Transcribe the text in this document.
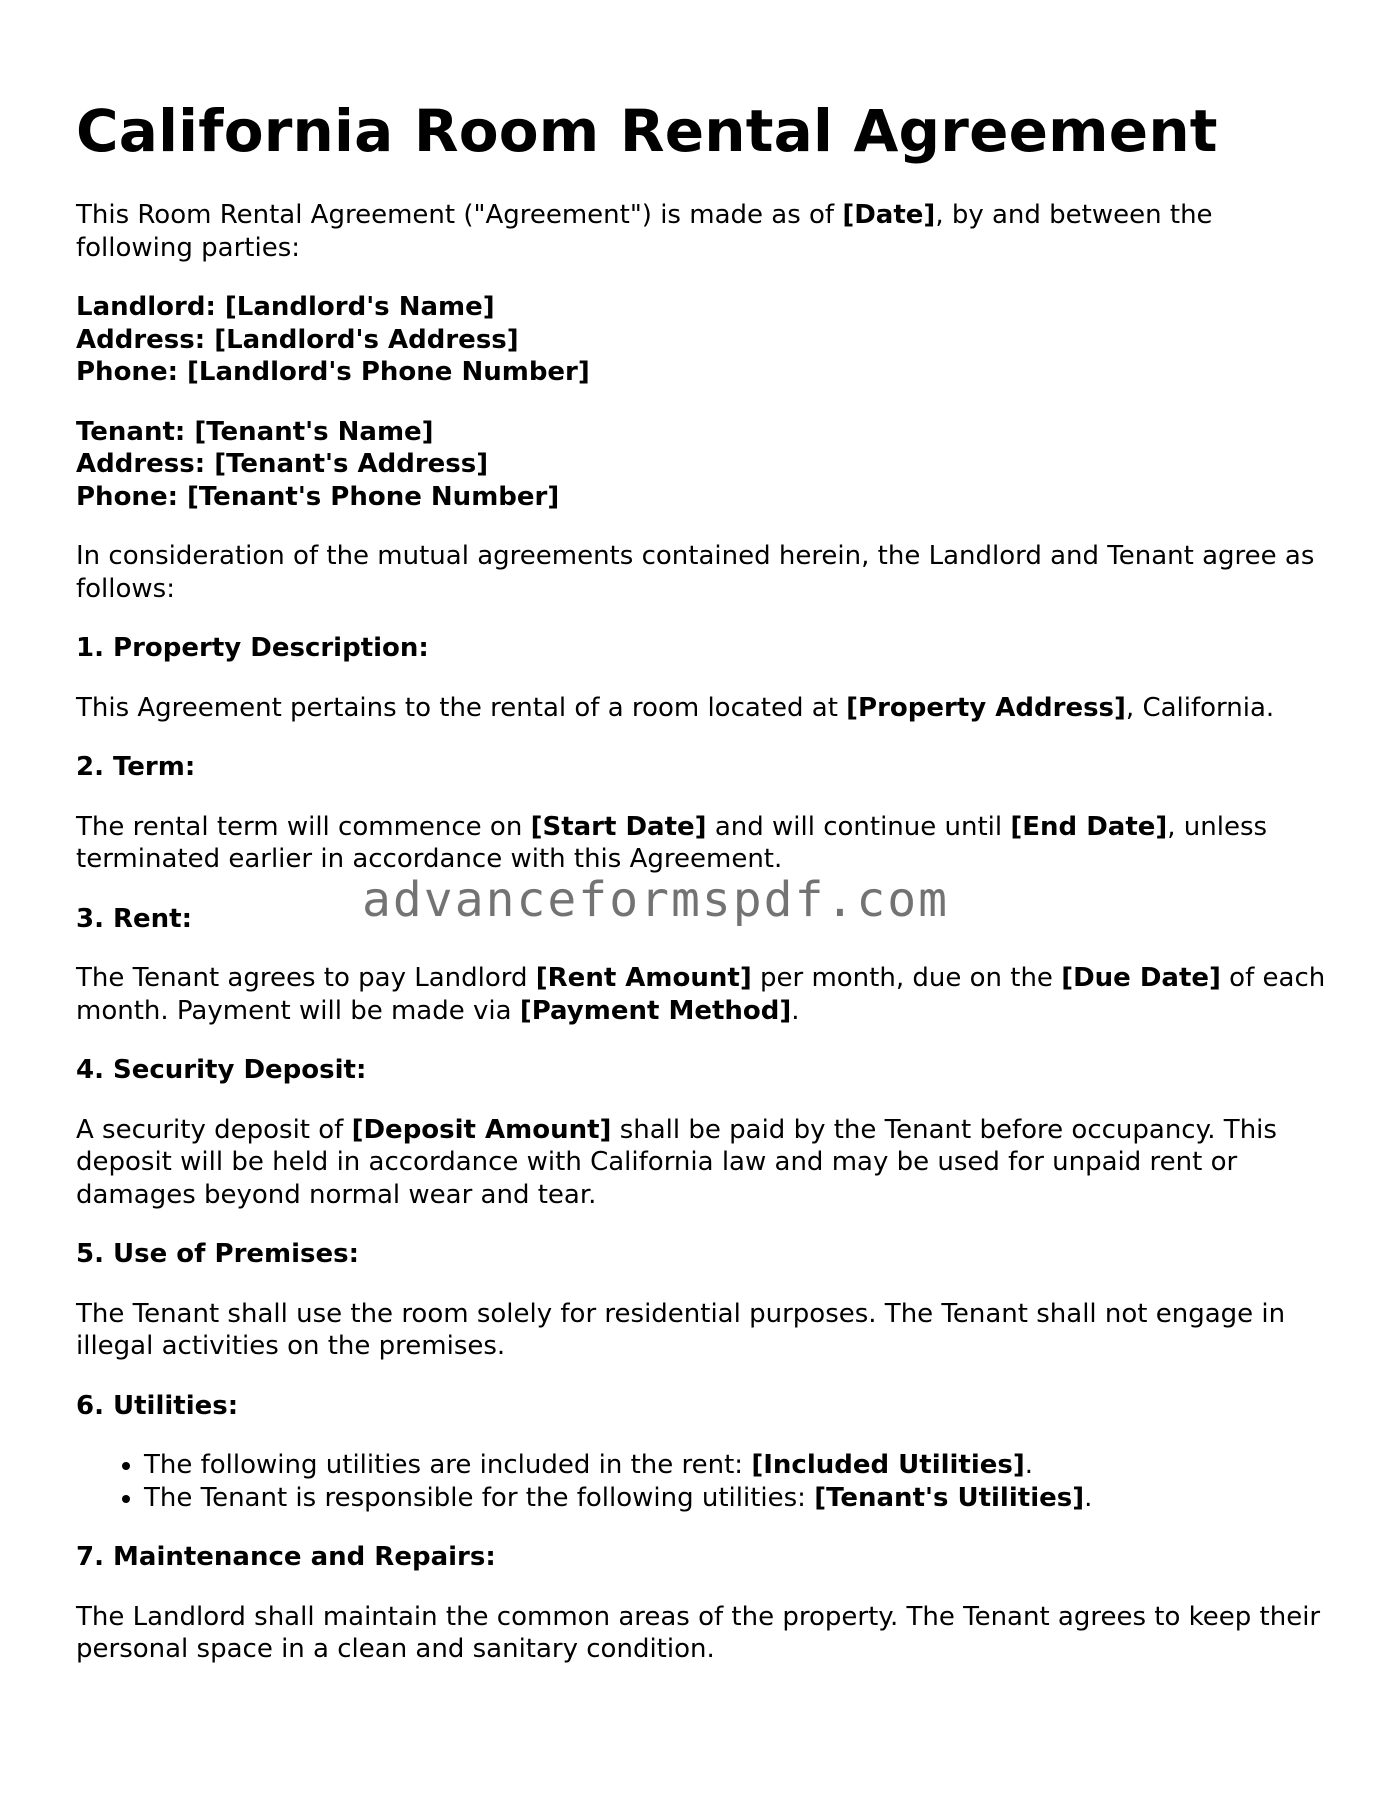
California Room Rental Agreement

This Room Rental Agreement ("Agreement") is made as of [Date], by and between the following parties:

Landlord: [Landlord's Name]
Address: [Landlord's Address]
Phone: [Landlord's Phone Number]

Tenant: [Tenant's Name]
Address: [Tenant's Address]
Phone: [Tenant's Phone Number]

In consideration of the mutual agreements contained herein, the Landlord and Tenant agree as follows:

1. Property Description:

This Agreement pertains to the rental of a room located at [Property Address], California.

2. Term:

The rental term will commence on [Start Date] and will continue until [End Date], unless terminated earlier in accordance with this Agreement.

3. Rent:

The Tenant agrees to pay Landlord [Rent Amount] per month, due on the [Due Date] of each month. Payment will be made via [Payment Method].

4. Security Deposit:

A security deposit of [Deposit Amount] shall be paid by the Tenant before occupancy. This deposit will be held in accordance with California law and may be used for unpaid rent or damages beyond normal wear and tear.

5. Use of Premises:

The Tenant shall use the room solely for residential purposes. The Tenant shall not engage in illegal activities on the premises.

6. Utilities:
• The following utilities are included in the rent: [Included Utilities].
• The Tenant is responsible for the following utilities: [Tenant's Utilities].
7. Maintenance and Repairs:

The Landlord shall maintain the common areas of the property. The Tenant agrees to keep their personal space in a clean and sanitary condition.

advanceformspdf.com
